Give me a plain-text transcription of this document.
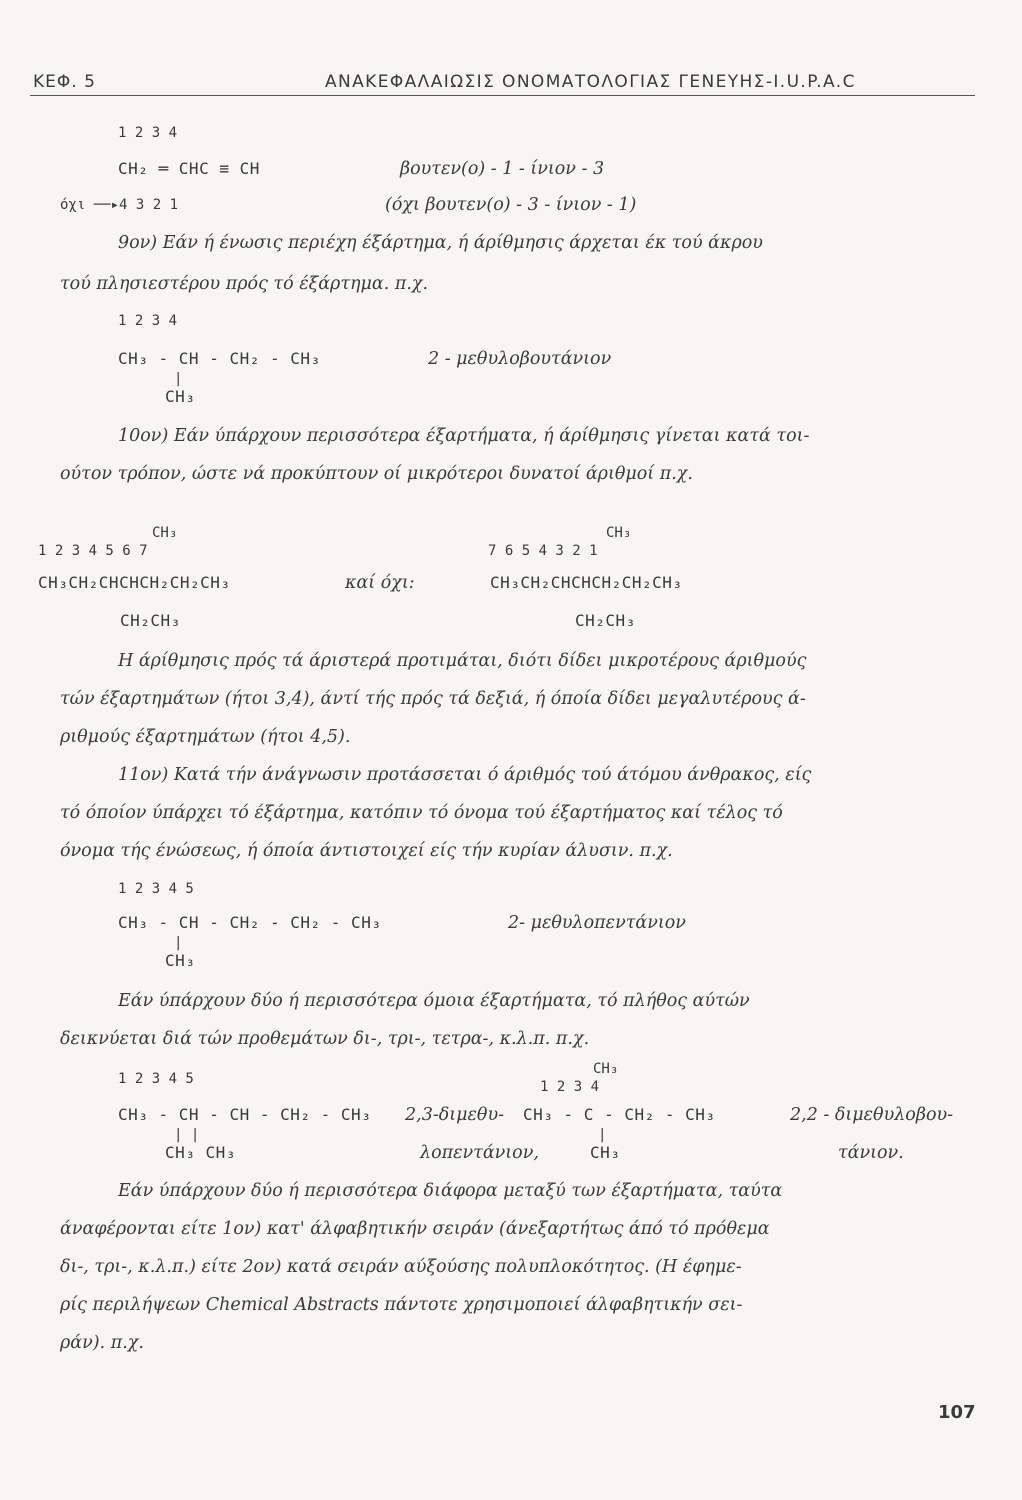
ΚΕΦ. 5	ΑΝΑΚΕΦΑΛΑΙΩΣΙΣ ΟΝΟΜΑΤΟΛΟΓΙΑΣ ΓΕΝΕΥΗΣ-I.U.P.A.C
1 2 3 4
CH₂ ═ CHC ≡ CH	βουτεν(ο) - 1 - ίνιον - 3
όχι ──▸4 3 2 1	(όχι βουτεν(ο) - 3 - ίνιον - 1)
9ον) Εάν ή ένωσις περιέχη έξάρτημα, ή άρίθμησις άρχεται έκ τού άκρου
τού πλησιεστέρου πρός τό έξάρτημα. π.χ.
1 2 3 4
CH₃ - CH - CH₂ - CH₃	2 - μεθυλοβουτάνιον
|
CH₃
10ον) Εάν ύπάρχουν περισσότερα έξαρτήματα, ή άρίθμησις γίνεται κατά τοι-
ούτον τρόπον, ώστε νά προκύπτουν οί μικρότεροι δυνατοί άριθμοί π.χ.
CH₃
1 2 3 4 5 6 7
CH₃
7 6 5 4 3 2 1
CH₃CH₂CHCHCH₂CH₂CH₃	καί όχι:	CH₃CH₂CHCHCH₂CH₂CH₃
CH₂CH₃	CH₂CH₃
Η άρίθμησις πρός τά άριστερά προτιμάται, διότι δίδει μικροτέρους άριθμούς
τών έξαρτημάτων (ήτοι 3,4), άντί τής πρός τά δεξιά, ή όποία δίδει μεγαλυτέρους ά-
ριθμούς έξαρτημάτων (ήτοι 4,5).
11ον) Κατά τήν άνάγνωσιν προτάσσεται ό άριθμός τού άτόμου άνθρακος, είς
τό όποίον ύπάρχει τό έξάρτημα, κατόπιν τό όνομα τού έξαρτήματος καί τέλος τό
όνομα τής ένώσεως, ή όποία άντιστοιχεί είς τήν κυρίαν άλυσιν. π.χ.
1 2 3 4 5
CH₃ - CH - CH₂ - CH₂ - CH₃	2- μεθυλοπεντάνιον
|
CH₃
Εάν ύπάρχουν δύο ή περισσότερα όμοια έξαρτήματα, τό πλήθος αύτών
δεικνύεται διά τών προθεμάτων δι-, τρι-, τετρα-, κ.λ.π. π.χ.
1 2 3 4 5
CH₃
1 2 3 4
CH₃ - CH - CH - CH₂ - CH₃ 2,3-διμεθυ- CH₃ - C - CH₂ - CH₃	2,2 - διμεθυλοβου-
| |	|
CH₃ CH₃	λοπεντάνιον,	CH₃	τάνιον.
Εάν ύπάρχουν δύο ή περισσότερα διάφορα μεταξύ των έξαρτήματα, ταύτα
άναφέρονται είτε 1ον) κατ' άλφαβητικήν σειράν (άνεξαρτήτως άπό τό πρόθεμα
δι-, τρι-, κ.λ.π.) είτε 2ον) κατά σειράν αύξούσης πολυπλοκότητος. (Η έφημε-
ρίς περιλήψεων Chemical Abstracts πάντοτε χρησιμοποιεί άλφαβητικήν σει-
ράν). π.χ.
107
